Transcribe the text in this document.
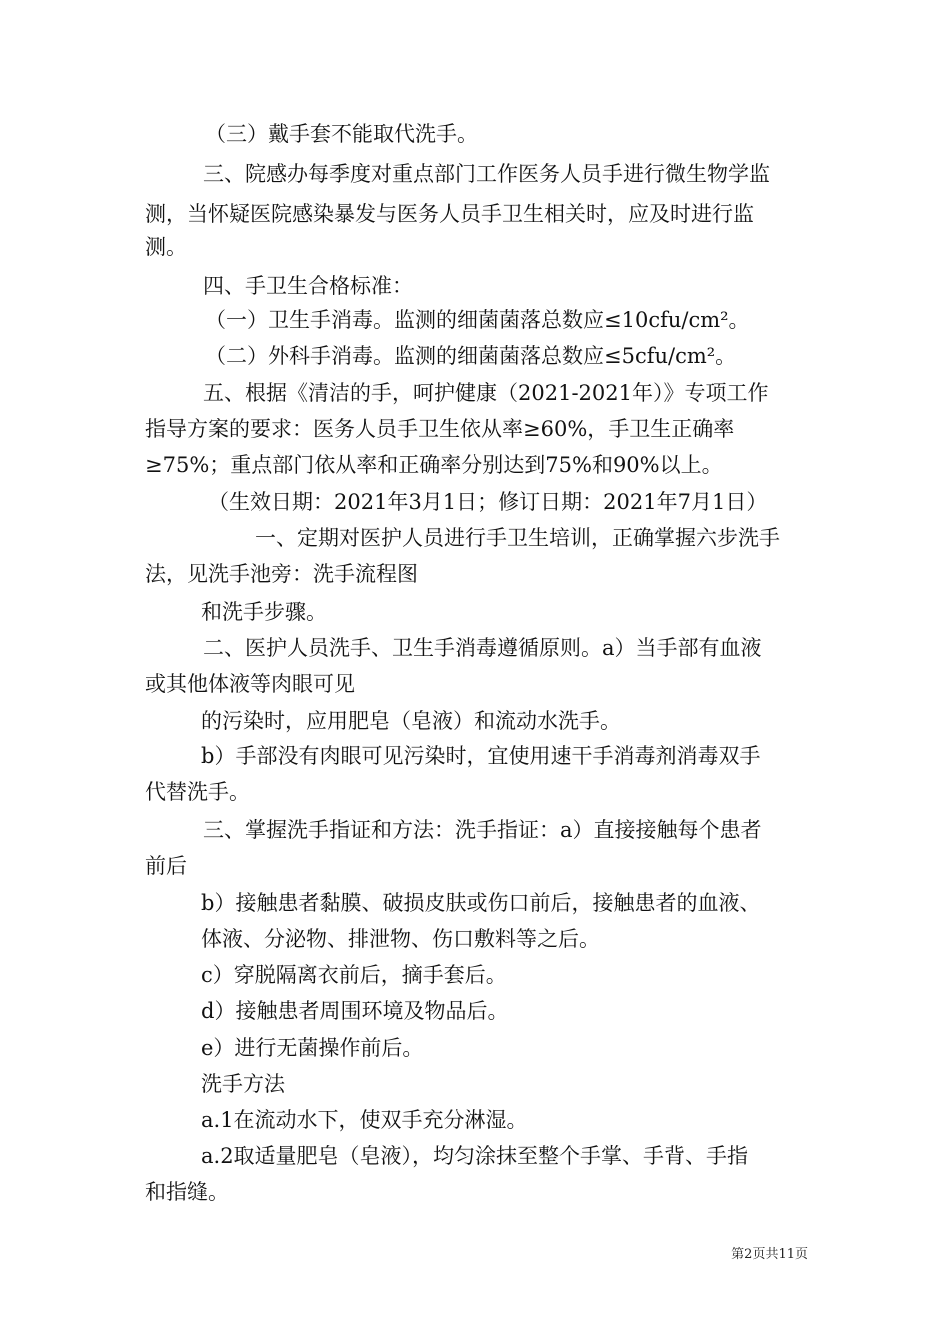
（三）戴手套不能取代洗手。
三、院感办每季度对重点部门工作医务人员手进行微生物学监
测，当怀疑医院感染暴发与医务人员手卫生相关时，应及时进行监
测。
四、手卫生合格标准：
（一）卫生手消毒。监测的细菌菌落总数应≤10cfu/cm²。
（二）外科手消毒。监测的细菌菌落总数应≤5cfu/cm²。
五、根据《清洁的手，呵护健康（2021-2021年）》专项工作
指导方案的要求：医务人员手卫生依从率≥60%，手卫生正确率
≥75%；重点部门依从率和正确率分别达到75%和90%以上。
（生效日期：2021年3月1日；修订日期：2021年7月1日）
一、定期对医护人员进行手卫生培训，正确掌握六步洗手
法，见洗手池旁：洗手流程图
和洗手步骤。
二、医护人员洗手、卫生手消毒遵循原则。a）当手部有血液
或其他体液等肉眼可见
的污染时，应用肥皂（皂液）和流动水洗手。
b）手部没有肉眼可见污染时，宜使用速干手消毒剂消毒双手
代替洗手。
三、掌握洗手指证和方法：洗手指证：a）直接接触每个患者
前后
b）接触患者黏膜、破损皮肤或伤口前后，接触患者的血液、
体液、分泌物、排泄物、伤口敷料等之后。
c）穿脱隔离衣前后，摘手套后。
d）接触患者周围环境及物品后。
e）进行无菌操作前后。
洗手方法
a.1在流动水下，使双手充分淋湿。
a.2取适量肥皂（皂液），均匀涂抹至整个手掌、手背、手指
和指缝。
第2页共11页
